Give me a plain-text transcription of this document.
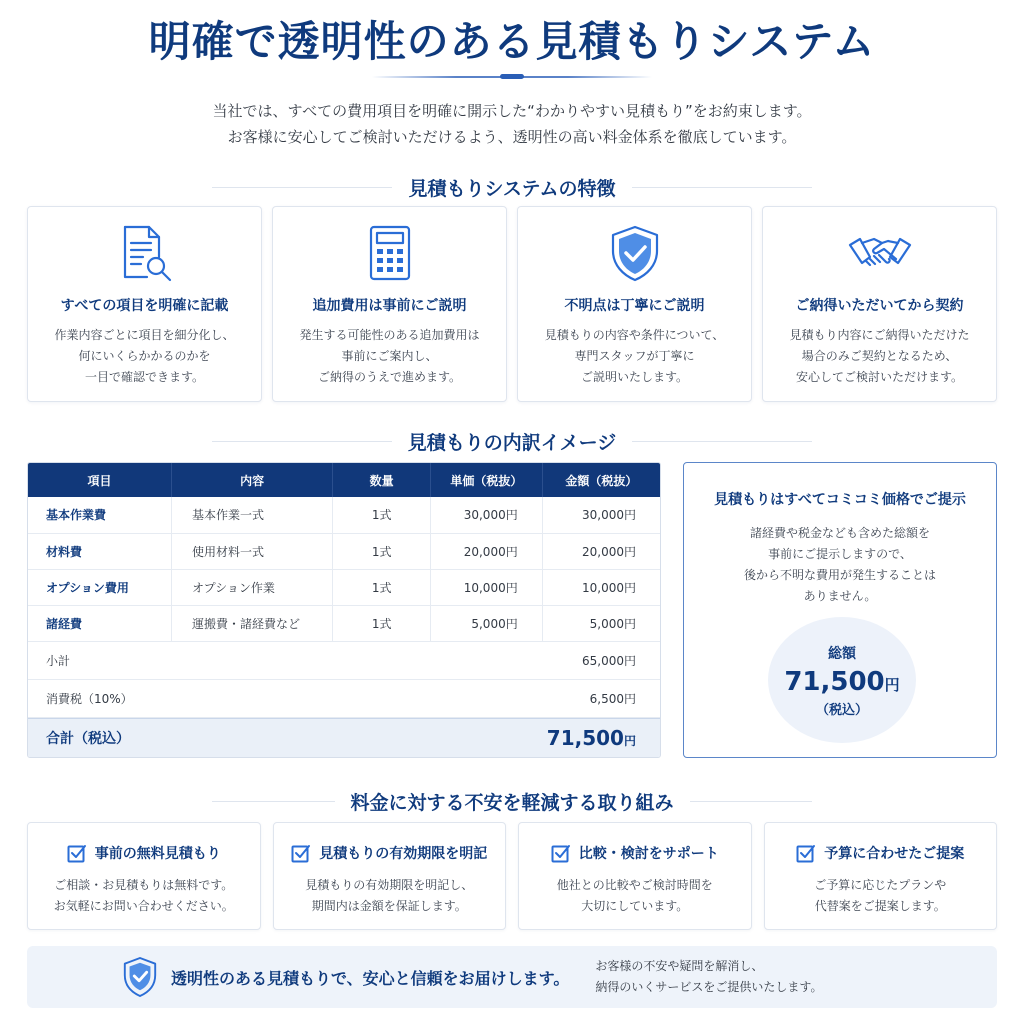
明確で透明性のある見積もりシステム

当社では、すべての費用項目を明確に開示した“わかりやすい見積もり”をお約束します。
お客様に安心してご検討いただけるよう、透明性の高い料金体系を徹底しています。

見積もりシステムの特徴
すべての項目を明確に記載

作業内容ごとに項目を細分化し、
何にいくらかかるのかを
一目で確認できます。

追加費用は事前にご説明

発生する可能性のある追加費用は
事前にご案内し、
ご納得のうえで進めます。

不明点は丁寧にご説明

見積もりの内容や条件について、
専門スタッフが丁寧に
ご説明いたします。

ご納得いただいてから契約

見積もり内容にご納得いただけた
場合のみご契約となるため、
安心してご検討いただけます。

見積もりの内訳イメージ
項目	内容	数量	単価（税抜）	金額（税抜）
基本作業費	基本作業一式	1式	30,000円	30,000円
材料費	使用材料一式	1式	20,000円	20,000円
オプション費用	オプション作業	1式	10,000円	10,000円
諸経費	運搬費・諸経費など	1式	5,000円	5,000円
小計	65,000円
消費税（10%）	6,500円
合計（税込）	71,500円
見積もりはすべてコミコミ価格でご提示

諸経費や税金なども含めた総額を
事前にご提示しますので、
後から不明な費用が発生することは
ありません。

総額
71,500円
（税込）
料金に対する不安を軽減する取り組み
事前の無料見積もり

ご相談・お見積もりは無料です。
お気軽にお問い合わせください。

見積もりの有効期限を明記

見積もりの有効期限を明記し、
期間内は金額を保証します。

比較・検討をサポート

他社との比較やご検討時間を
大切にしています。

予算に合わせたご提案

ご予算に応じたプランや
代替案をご提案します。

透明性のある見積もりで、安心と信頼をお届けします。

お客様の不安や疑問を解消し、
納得のいくサービスをご提供いたします。
